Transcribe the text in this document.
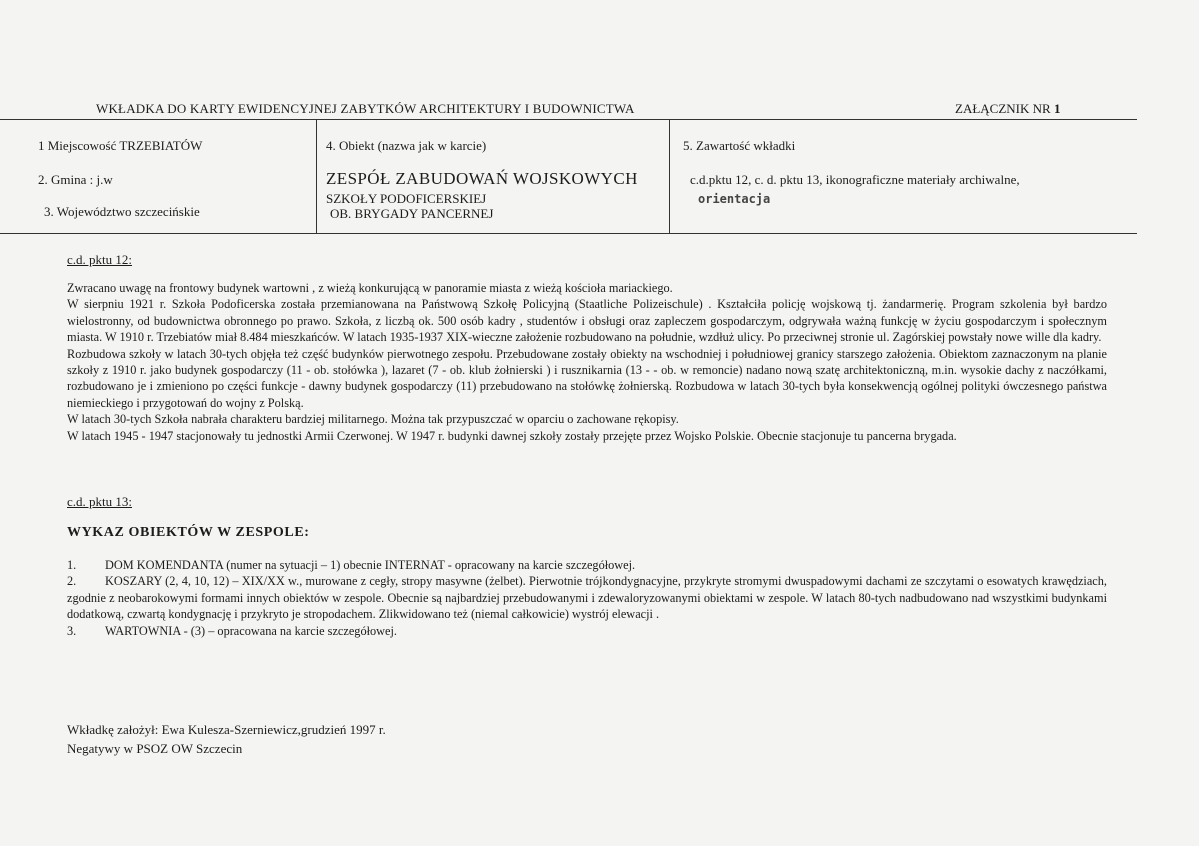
WKŁADKA DO KARTY EWIDENCYJNEJ ZABYTKÓW ARCHITEKTURY I BUDOWNICTWA	ZAŁĄCZNIK NR 1
1 Miejscowość TRZEBIATÓW
2. Gmina : j.w
3. Województwo szczecińskie
4. Obiekt (nazwa jak w karcie)
ZESPÓŁ ZABUDOWAŃ WOJSKOWYCH
SZKOŁY PODOFICERSKIEJ
OB. BRYGADY PANCERNEJ
5. Zawartość wkładki
c.d.pktu 12, c. d. pktu 13, ikonograficzne materiały archiwalne,
orientacja
c.d. pktu 12:

Zwracano uwagę na frontowy budynek wartowni , z wieżą konkurującą w panoramie miasta z wieżą kościoła mariackiego.

W sierpniu 1921 r. Szkoła Podoficerska została przemianowana na Państwową Szkołę Policyjną (Staatliche Polizeischule) . Kształciła policję wojskową tj. żandarmerię. Program szkolenia był bardzo wielostronny, od budownictwa obronnego po prawo. Szkoła, z liczbą ok. 500 osób kadry , studentów i obsługi oraz zapleczem gospodarczym, odgrywała ważną funkcję w życiu gospodarczym i społecznym miasta. W 1910 r. Trzebiatów miał 8.484 mieszkańców. W latach 1935-1937 XIX-wieczne założenie rozbudowano na południe, wzdłuż ulicy. Po przeciwnej stronie ul. Zagórskiej powstały nowe wille dla kadry.

Rozbudowa szkoły w latach 30-tych objęła też część budynków pierwotnego zespołu. Przebudowane zostały obiekty na wschodniej i południowej granicy starszego założenia. Obiektom zaznaczonym na planie szkoły z 1910 r. jako budynek gospodarczy (11 - ob. stołówka ), lazaret (7 - ob. klub żołnierski ) i rusznikarnia (13 - - ob. w remoncie) nadano nową szatę architektoniczną, m.in. wysokie dachy z naczółkami, rozbudowano je i zmieniono po części funkcje - dawny budynek gospodarczy (11) przebudowano na stołówkę żołnierską. Rozbudowa w latach 30-tych była konsekwencją ogólnej polityki ówczesnego państwa niemieckiego i przygotowań do wojny z Polską.

W latach 30-tych Szkoła nabrała charakteru bardziej militarnego. Można tak przypuszczać w oparciu o zachowane rękopisy.

W latach 1945 - 1947 stacjonowały tu jednostki Armii Czerwonej. W 1947 r. budynki dawnej szkoły zostały przejęte przez Wojsko Polskie. Obecnie stacjonuje tu pancerna brygada.

c.d. pktu 13:
WYKAZ OBIEKTÓW W ZESPOLE:

1. DOM KOMENDANTA (numer na sytuacji – 1) obecnie INTERNAT - opracowany na karcie szczegółowej.

2. KOSZARY (2, 4, 10, 12) – XIX/XX w., murowane z cegły, stropy masywne (żelbet). Pierwotnie trójkondygnacyjne, przykryte stromymi dwuspadowymi dachami ze szczytami o esowatych krawędziach, zgodnie z neobarokowymi formami innych obiektów w zespole. Obecnie są najbardziej przebudowanymi i zdewaloryzowanymi obiektami w zespole. W latach 80-tych nadbudowano nad wszystkimi budynkami dodatkową, czwartą kondygnację i przykryto je stropodachem. Zlikwidowano też (niemal całkowicie) wystrój elewacji .

3. WARTOWNIA - (3) – opracowana na karcie szczegółowej.

Wkładkę założył: Ewa Kulesza-Szerniewicz,grudzień 1997 r.
Negatywy w PSOZ OW Szczecin
